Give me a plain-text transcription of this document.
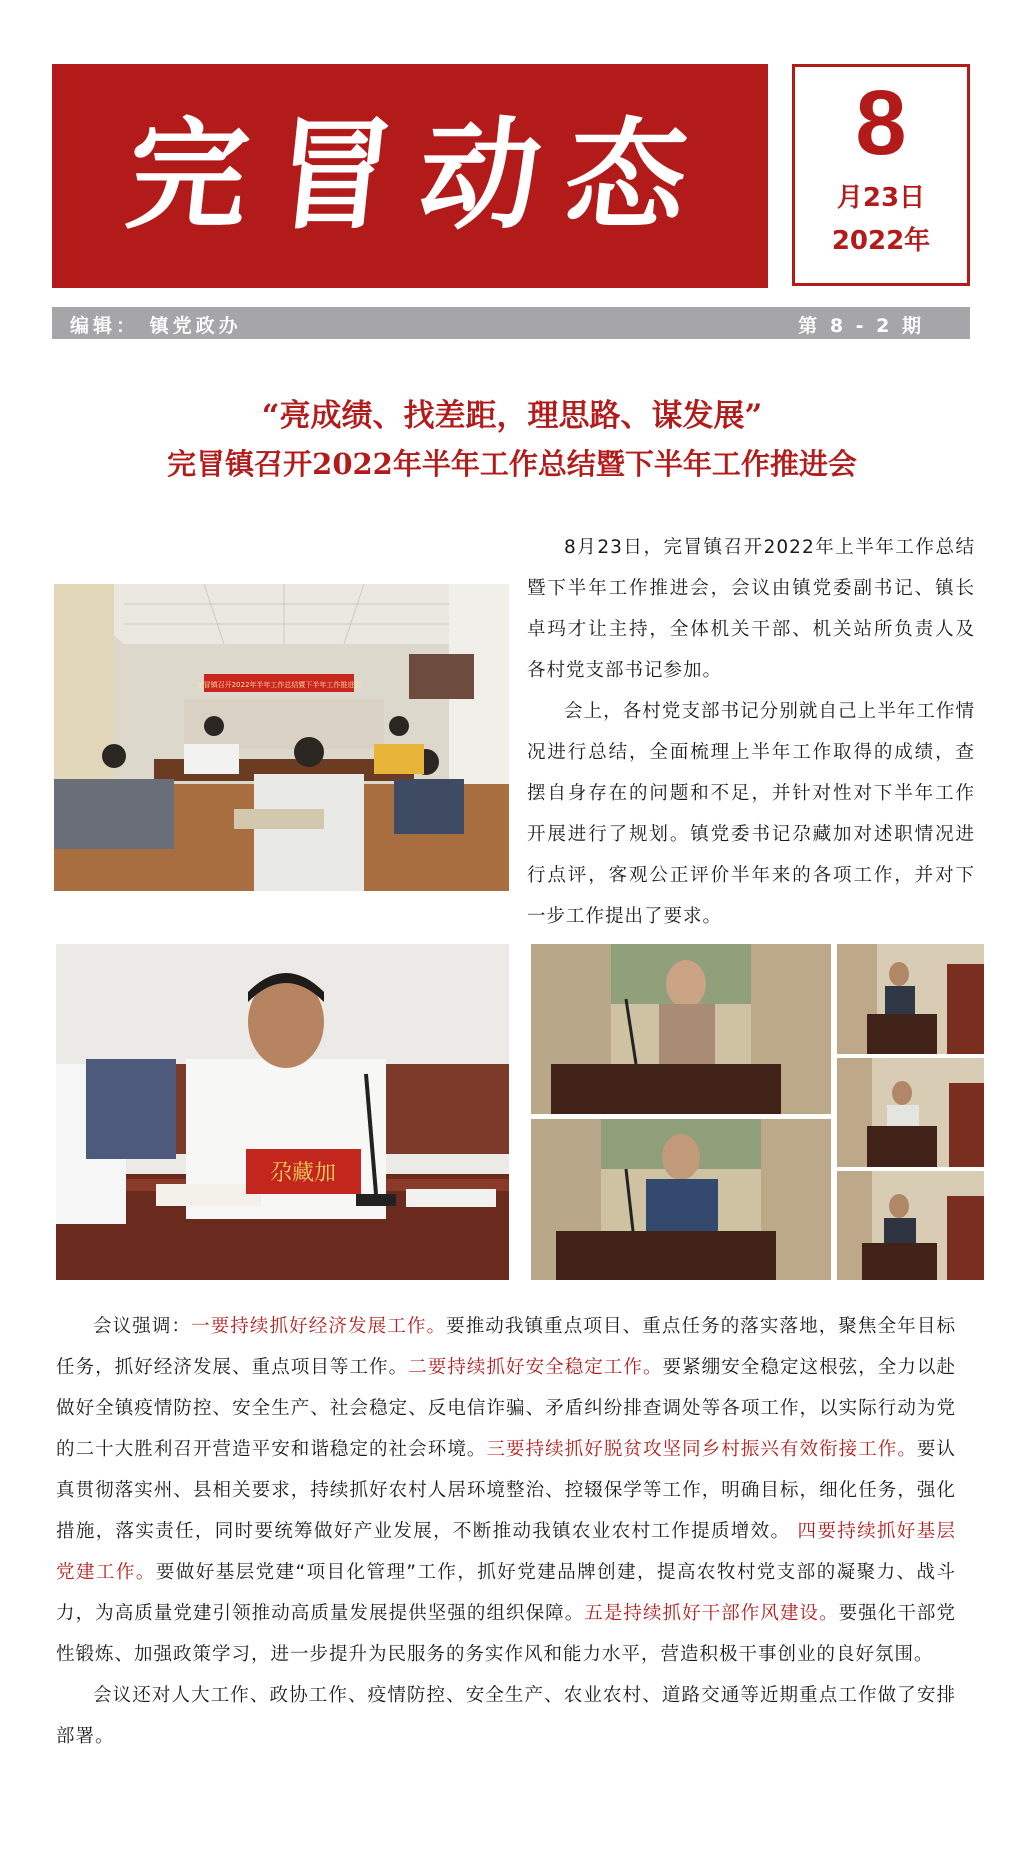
完冒动态	8
月23日
2022年
编辑： 镇党政办	第 8 - 2 期
“亮成绩、找差距，理思路、谋发展”
完冒镇召开2022年半年工作总结暨下半年工作推进会
完冒镇召开2022年半年工作总结暨下半年工作推进会

8月23日，完冒镇召开2022年上半年工作总结暨下半年工作推进会，会议由镇党委副书记、镇长卓玛才让主持，全体机关干部、机关站所负责人及各村党支部书记参加。

会上，各村党支部书记分别就自己上半年工作情况进行总结，全面梳理上半年工作取得的成绩，查摆自身存在的问题和不足，并针对性对下半年工作开展进行了规划。镇党委书记尕藏加对述职情况进行点评，客观公正评价半年来的各项工作，并对下一步工作提出了要求。

尕藏加

会议强调：一要持续抓好经济发展工作。要推动我镇重点项目、重点任务的落实落地，聚焦全年目标任务，抓好经济发展、重点项目等工作。二要持续抓好安全稳定工作。要紧绷安全稳定这根弦，全力以赴做好全镇疫情防控、安全生产、社会稳定、反电信诈骗、矛盾纠纷排查调处等各项工作，以实际行动为党的二十大胜利召开营造平安和谐稳定的社会环境。三要持续抓好脱贫攻坚同乡村振兴有效衔接工作。要认真贯彻落实州、县相关要求，持续抓好农村人居环境整治、控辍保学等工作，明确目标，细化任务，强化措施，落实责任，同时要统筹做好产业发展，不断推动我镇农业农村工作提质增效。 四要持续抓好基层党建工作。要做好基层党建“项目化管理”工作，抓好党建品牌创建，提高农牧村党支部的凝聚力、战斗力，为高质量党建引领推动高质量发展提供坚强的组织保障。五是持续抓好干部作风建设。要强化干部党性锻炼、加强政策学习，进一步提升为民服务的务实作风和能力水平，营造积极干事创业的良好氛围。

会议还对人大工作、政协工作、疫情防控、安全生产、农业农村、道路交通等近期重点工作做了安排部署。
